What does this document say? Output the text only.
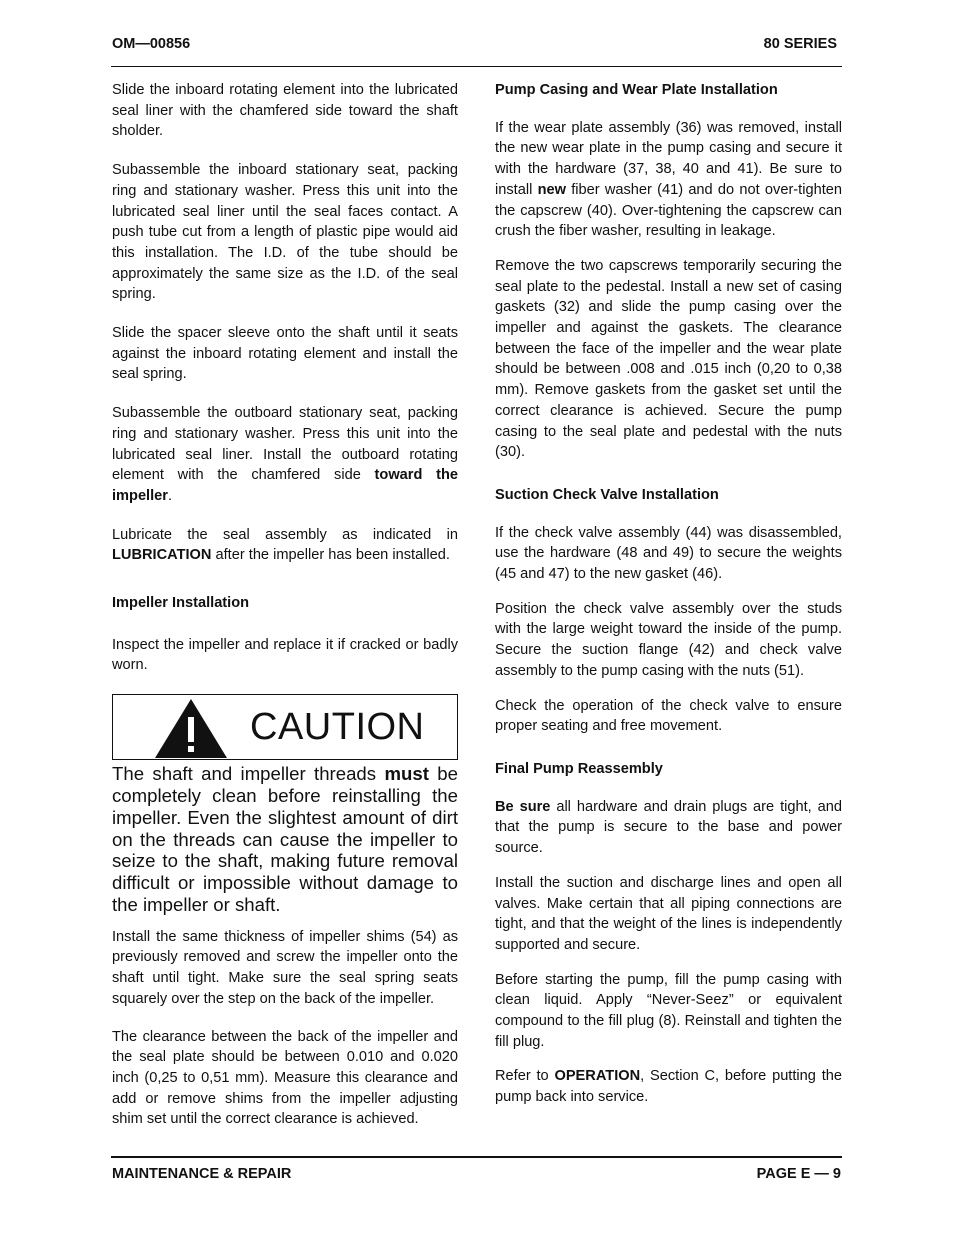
OM—00856	80 SERIES

Slide the inboard rotating element into the lubricated seal liner with the chamfered side toward the shaft sholder.

Subassemble the inboard stationary seat, packing ring and stationary washer. Press this unit into the lubricated seal liner until the seal faces contact. A push tube cut from a length of plastic pipe would aid this installation. The I.D. of the tube should be approximately the same size as the I.D. of the seal spring.

Slide the spacer sleeve onto the shaft until it seats against the inboard rotating element and install the seal spring.

Subassemble the outboard stationary seat, packing ring and stationary washer. Press this unit into the lubricated seal liner. Install the outboard rotating element with the chamfered side toward the impeller.

Lubricate the seal assembly as indicated in LUBRICATION after the impeller has been installed.

Impeller Installation

Inspect the impeller and replace it if cracked or badly worn.

CAUTION

The shaft and impeller threads must be completely clean before reinstalling the impeller. Even the slightest amount of dirt on the threads can cause the impeller to seize to the shaft, making future removal difficult or impossible without damage to the impeller or shaft.

Install the same thickness of impeller shims (54) as previously removed and screw the impeller onto the shaft until tight. Make sure the seal spring seats squarely over the step on the back of the impeller.

The clearance between the back of the impeller and the seal plate should be between 0.010 and 0.020 inch (0,25 to 0,51 mm). Measure this clearance and add or remove shims from the impeller adjusting shim set until the correct clearance is achieved.

Pump Casing and Wear Plate Installation

If the wear plate assembly (36) was removed, install the new wear plate in the pump casing and secure it with the hardware (37, 38, 40 and 41). Be sure to install new fiber washer (41) and do not over-tighten the capscrew (40). Over-tightening the capscrew can crush the fiber washer, resulting in leakage.

Remove the two capscrews temporarily securing the seal plate to the pedestal. Install a new set of casing gaskets (32) and slide the pump casing over the impeller and against the gaskets. The clearance between the face of the impeller and the wear plate should be between .008 and .015 inch (0,20 to 0,38 mm). Remove gaskets from the gasket set until the correct clearance is achieved. Secure the pump casing to the seal plate and pedestal with the nuts (30).

Suction Check Valve Installation

If the check valve assembly (44) was disassembled, use the hardware (48 and 49) to secure the weights (45 and 47) to the new gasket (46).

Position the check valve assembly over the studs with the large weight toward the inside of the pump. Secure the suction flange (42) and check valve assembly to the pump casing with the nuts (51).

Check the operation of the check valve to ensure proper seating and free movement.

Final Pump Reassembly

Be sure all hardware and drain plugs are tight, and that the pump is secure to the base and power source.

Install the suction and discharge lines and open all valves. Make certain that all piping connections are tight, and that the weight of the lines is independently supported and secure.

Before starting the pump, fill the pump casing with clean liquid. Apply “Never-Seez” or equivalent compound to the fill plug (8). Reinstall and tighten the fill plug.

Refer to OPERATION, Section C, before putting the pump back into service.

MAINTENANCE & REPAIR	PAGE E — 9
